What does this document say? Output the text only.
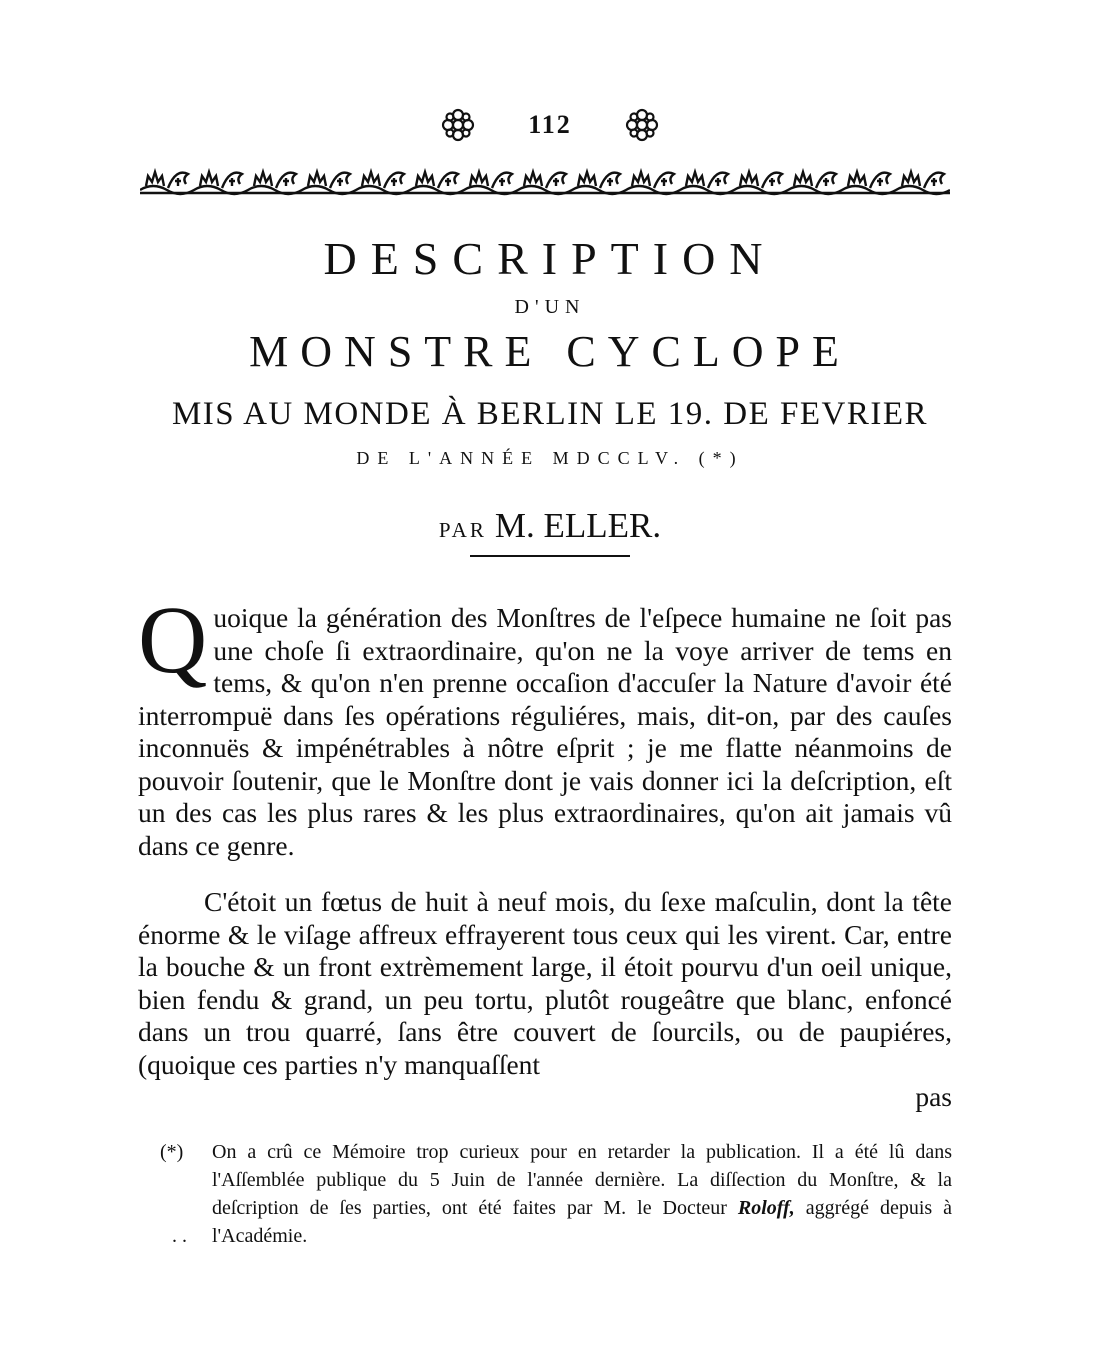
112
DESCRIPTION
D'UN
MONSTRE CYCLOPE
MIS AU MONDE À BERLIN LE 19. DE FEVRIER
DE L'ANNÉE MDCCLV. (*)
PAR M. ELLER.

Quoique la génération des Monſtres de l'eſpece humaine ne ſoit pas une choſe ſi extraordinaire, qu'on ne la voye arriver de tems en tems, & qu'on n'en prenne occaſion d'accuſer la Nature d'avoir été interrompuë dans ſes opérations réguliéres, mais, dit-on, par des cauſes inconnuës & impénétrables à nôtre eſprit ; je me flatte néanmoins de pouvoir ſoutenir, que le Monſtre dont je vais donner ici la deſcription, eſt un des cas les plus rares & les plus extraordinaires, qu'on ait jamais vû dans ce genre.

C'étoit un fœtus de huit à neuf mois, du ſexe maſculin, dont la tête énorme & le viſage affreux effrayerent tous ceux qui les virent. Car, entre la bouche & un front extrèmement large, il étoit pourvu d'un oeil unique, bien fendu & grand, un peu tortu, plutôt rougeâtre que blanc, enfoncé dans un trou quarré, ſans être couvert de ſourcils, ou de paupiéres, (quoique ces parties n'y manquaſſent

pas

(*) On a crû ce Mémoire trop curieux pour en retarder la publication. Il a été lû dans l'Aſſemblée publique du 5 Juin de l'année dernière. La diſſection du Monſtre, & la deſcription de ſes parties, ont été faites par M. le Docteur Roloff, aggrégé depuis à l'Académie.
. .
